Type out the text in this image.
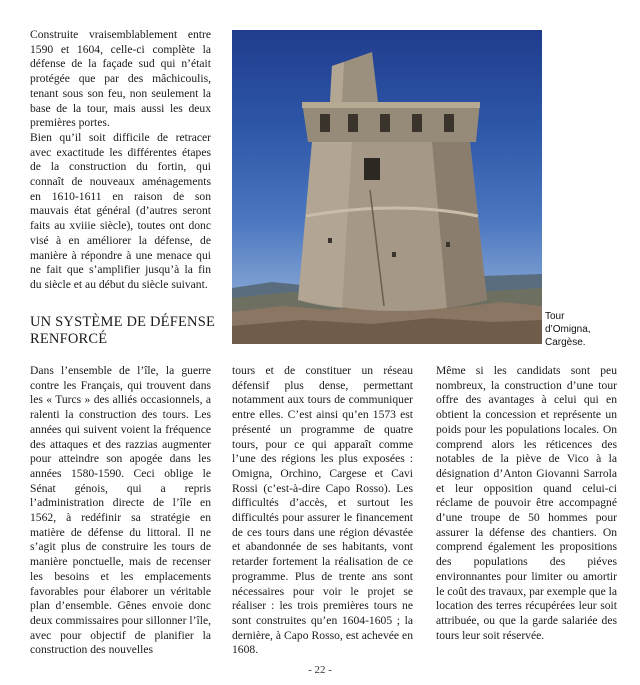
Construite vraisemblablement entre 1590 et 1604, celle-ci complète la défense de la façade sud qui n’était protégée que par des mâchicoulis, tenant sous son feu, non seulement la base de la tour, mais aussi les deux premières portes.

Bien qu’il soit difficile de retracer avec exactitude les différentes étapes de la construction du fortin, qui connaît de nouveaux aménagements en 1610-1611 en raison de son mauvais état général (d’autres seront faits au xviiie siècle), toutes ont donc visé à en améliorer la défense, de manière à répondre à une menace qui ne fait que s’amplifier jusqu’à la fin du siècle et au début du siècle suivant.

UN SYSTÈME DE DÉFENSE
RENFORCÉ
Tour
d’Omigna,
Cargèse.

Dans l’ensemble de l’île, la guerre contre les Français, qui trouvent dans les « Turcs » des alliés occasionnels, a ralenti la construction des tours. Les années qui suivent voient la fréquence des attaques et des razzias augmenter pour atteindre son apogée dans les années 1580-1590. Ceci oblige le Sénat génois, qui a repris l’administration directe de l’île en 1562, à redéfinir sa stratégie en matière de défense du littoral. Il ne s’agit plus de construire les tours de manière ponctuelle, mais de recenser les besoins et les emplacements favorables pour élaborer un véritable plan d’ensemble. Gênes envoie donc deux commissaires pour sillonner l’île, avec pour objectif de planifier la construction des nouvelles

tours et de constituer un réseau défensif plus dense, permettant notamment aux tours de communiquer entre elles. C’est ainsi qu’en 1573 est présenté un programme de quatre tours, pour ce qui apparaît comme l’une des régions les plus exposées : Omigna, Orchino, Cargese et Cavi Rossi (c’est-à-dire Capo Rosso). Les difficultés d’accès, et surtout les difficultés pour assurer le financement de ces tours dans une région dévastée et abandonnée de ses habitants, vont retarder fortement la réalisation de ce programme. Plus de trente ans sont nécessaires pour voir le projet se réaliser : les trois premières tours ne sont construites qu’en 1604-1605 ; la dernière, à Capo Rosso, est achevée en 1608.

Même si les candidats sont peu nombreux, la construction d’une tour offre des avantages à celui qui en obtient la concession et représente un poids pour les populations locales. On comprend alors les réticences des notables de la piève de Vico à la désignation d’Anton Giovanni Sarrola et leur opposition quand celui-ci réclame de pouvoir être accompagné d’une troupe de 50 hommes pour assurer la défense des chantiers. On comprend également les propositions des populations des piéves environnantes pour limiter ou amortir le coût des travaux, par exemple que la location des terres récupérées leur soit attribuée, ou que la garde salariée des tours leur soit réservée.

- 22 -
